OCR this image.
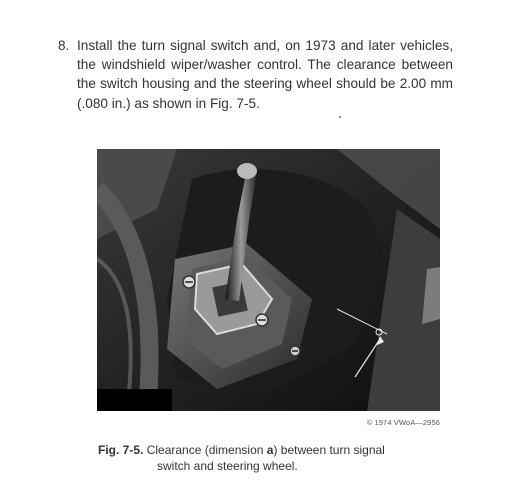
8. Install the turn signal switch and, on 1973 and later vehicles, the windshield wiper/washer control. The clearance between the switch housing and the steering wheel should be 2.00 mm (.080 in.) as shown in Fig. 7-5.
© 1974 VWoA—2956
Fig. 7-5. Clearance (dimension a) between turn signal
switch and steering wheel.
